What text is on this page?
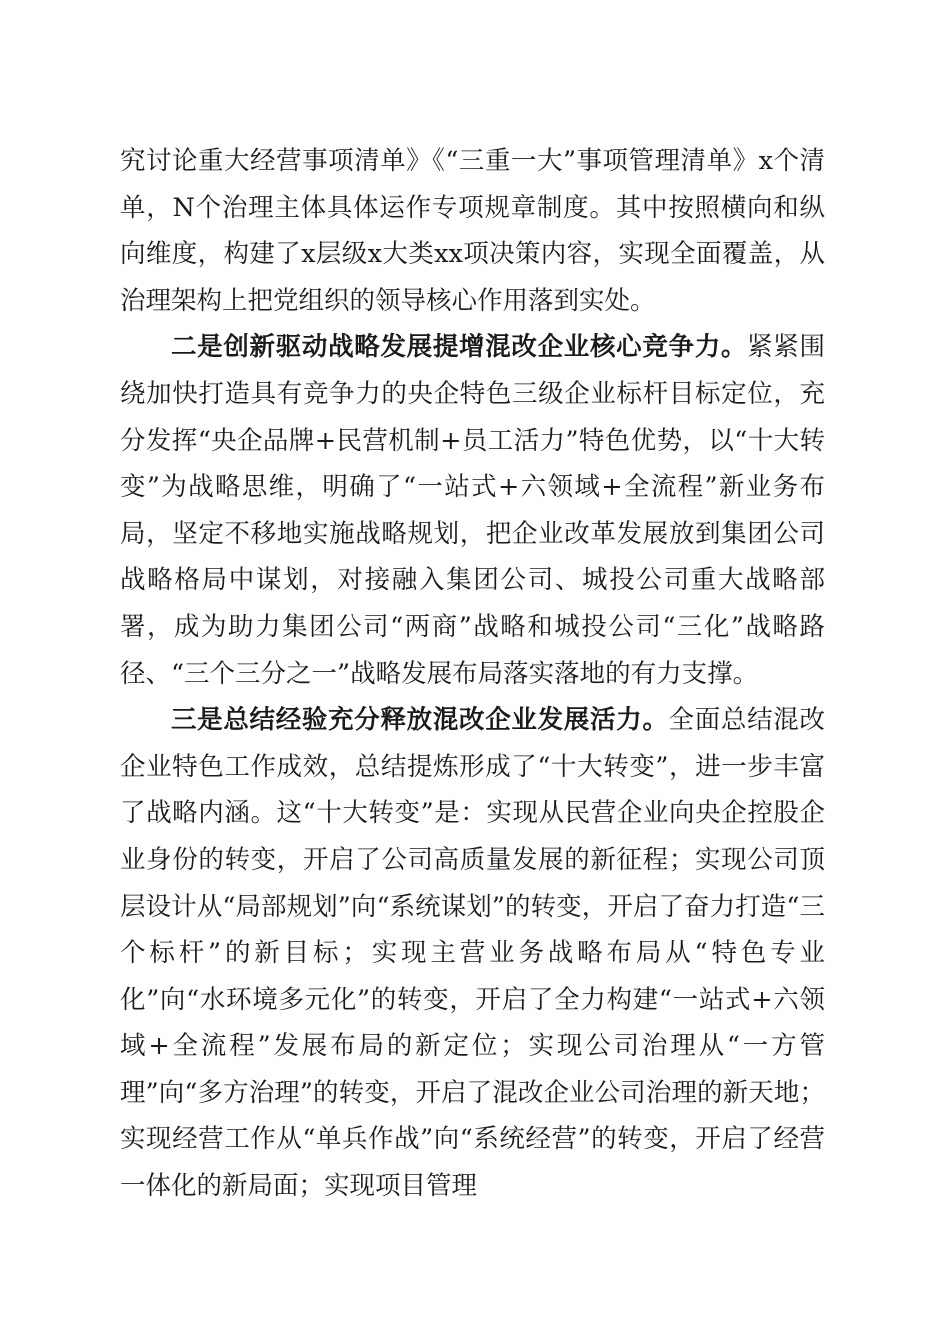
究讨论重大经营事项清单》《“三重一大”事项管理清单》x个清单，N个治理主体具体运作专项规章制度。其中按照横向和纵向维度，构建了x层级x大类xx项决策内容，实现全面覆盖，从治理架构上把党组织的领导核心作用落到实处。

二是创新驱动战略发展提增混改企业核心竞争力。紧紧围绕加快打造具有竞争力的央企特色三级企业标杆目标定位，充分发挥“央企品牌+民营机制+员工活力”特色优势，以“十大转变”为战略思维，明确了“一站式+六领域+全流程”新业务布局，坚定不移地实施战略规划，把企业改革发展放到集团公司战略格局中谋划，对接融入集团公司、城投公司重大战略部署，成为助力集团公司“两商”战略和城投公司“三化”战略路径、“三个三分之一”战略发展布局落实落地的有力支撑。

三是总结经验充分释放混改企业发展活力。全面总结混改企业特色工作成效，总结提炼形成了“十大转变”，进一步丰富了战略内涵。这“十大转变”是：实现从民营企业向央企控股企业身份的转变，开启了公司高质量发展的新征程；实现公司顶层设计从“局部规划”向“系统谋划”的转变，开启了奋力打造“三个标杆”的新目标；实现主营业务战略布局从“特色专业化”向“水环境多元化”的转变，开启了全力构建“一站式+六领域+全流程”发展布局的新定位；实现公司治理从“一方管理”向“多方治理”的转变，开启了混改企业公司治理的新天地；实现经营工作从“单兵作战”向“系统经营”的转变，开启了经营一体化的新局面；实现项目管理
